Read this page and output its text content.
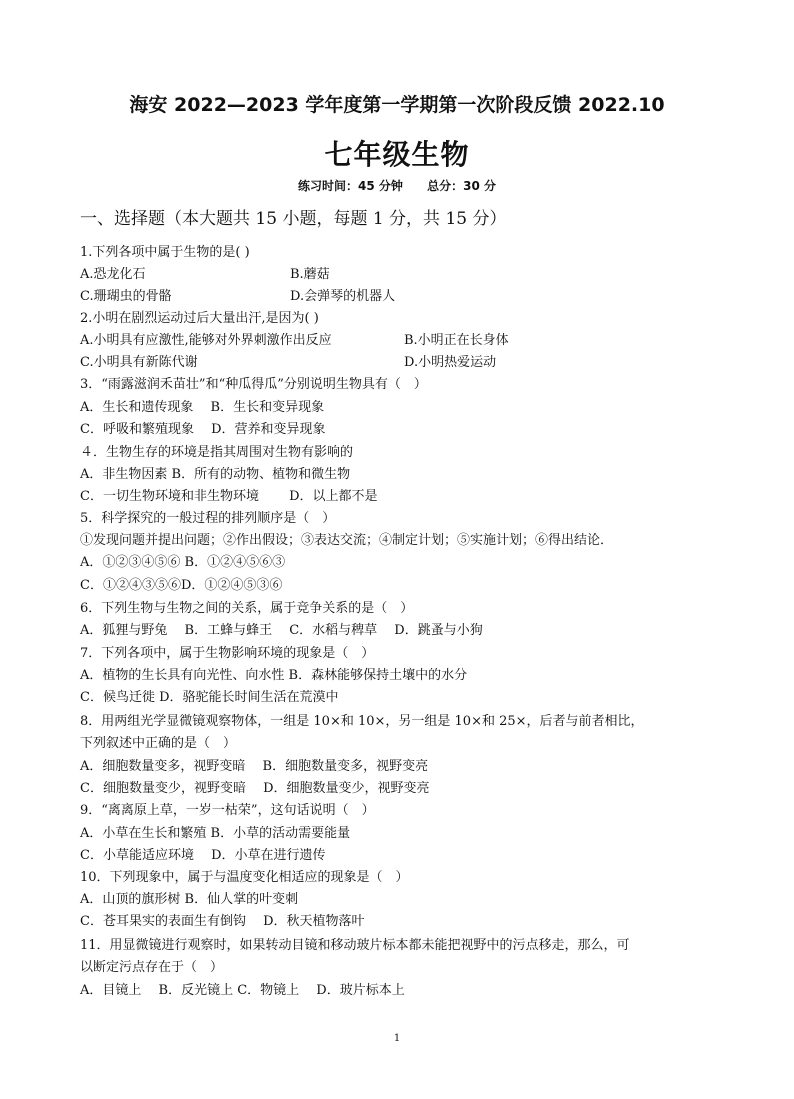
海安 2022—2023 学年度第一学期第一次阶段反馈 2022.10
七年级生物
练习时间：45 分钟 总分：30 分
一、选择题（本大题共 15 小题，每题 1 分，共 15 分）
1.下列各项中属于生物的是( )
A.恐龙化石	B.蘑菇
C.珊瑚虫的骨骼	D.会弹琴的机器人
2.小明在剧烈运动过后大量出汗,是因为( )
A.小明具有应激性,能够对外界刺激作出反应	B.小明正在长身体
C.小明具有新陈代谢	D.小明热爱运动
3．“雨露滋润禾苗壮”和“种瓜得瓜”分别说明生物具有（　）
A．生长和遗传现象　 B．生长和变异现象
C．呼吸和繁殖现象　 D．营养和变异现象
４．生物生存的环境是指其周围对生物有影响的
A．非生物因素 B．所有的动物、植物和微生物
C．一切生物环境和非生物环境　　 D．以上都不是
5．科学探究的一般过程的排列顺序是（　）
①发现问题并提出问题；②作出假设；③表达交流；④制定计划；⑤实施计划；⑥得出结论．
A．①②③④⑤⑥ B．①②④⑤⑥③
C．①②④③⑤⑥D．①②④⑤③⑥
6．下列生物与生物之间的关系，属于竞争关系的是（　）
A．狐狸与野兔　 B．工蜂与蜂王　 C．水稻与稗草　 D．跳蚤与小狗
7．下列各项中，属于生物影响环境的现象是（　）
A．植物的生长具有向光性、向水性 B．森林能够保持土壤中的水分
C．候鸟迁徙 D．骆驼能长时间生活在荒漠中
8．用两组光学显微镜观察物体，一组是 10×和 10×，另一组是 10×和 25×，后者与前者相比，
下列叙述中正确的是（　）
A．细胞数量变多，视野变暗　 B．细胞数量变多，视野变亮
C．细胞数量变少，视野变暗　 D．细胞数量变少，视野变亮
9．“离离原上草，一岁一枯荣”，这句话说明（　）
A．小草在生长和繁殖 B．小草的活动需要能量
C．小草能适应环境　 D．小草在进行遗传
10．下列现象中，属于与温度变化相适应的现象是（　）
A．山顶的旗形树 B．仙人掌的叶变刺
C．苍耳果实的表面生有倒钩　 D．秋天植物落叶
11．用显微镜进行观察时，如果转动目镜和移动玻片标本都未能把视野中的污点移走，那么，可
以断定污点存在于（　）
A．目镜上　 B．反光镜上 C．物镜上　 D．玻片标本上
1
